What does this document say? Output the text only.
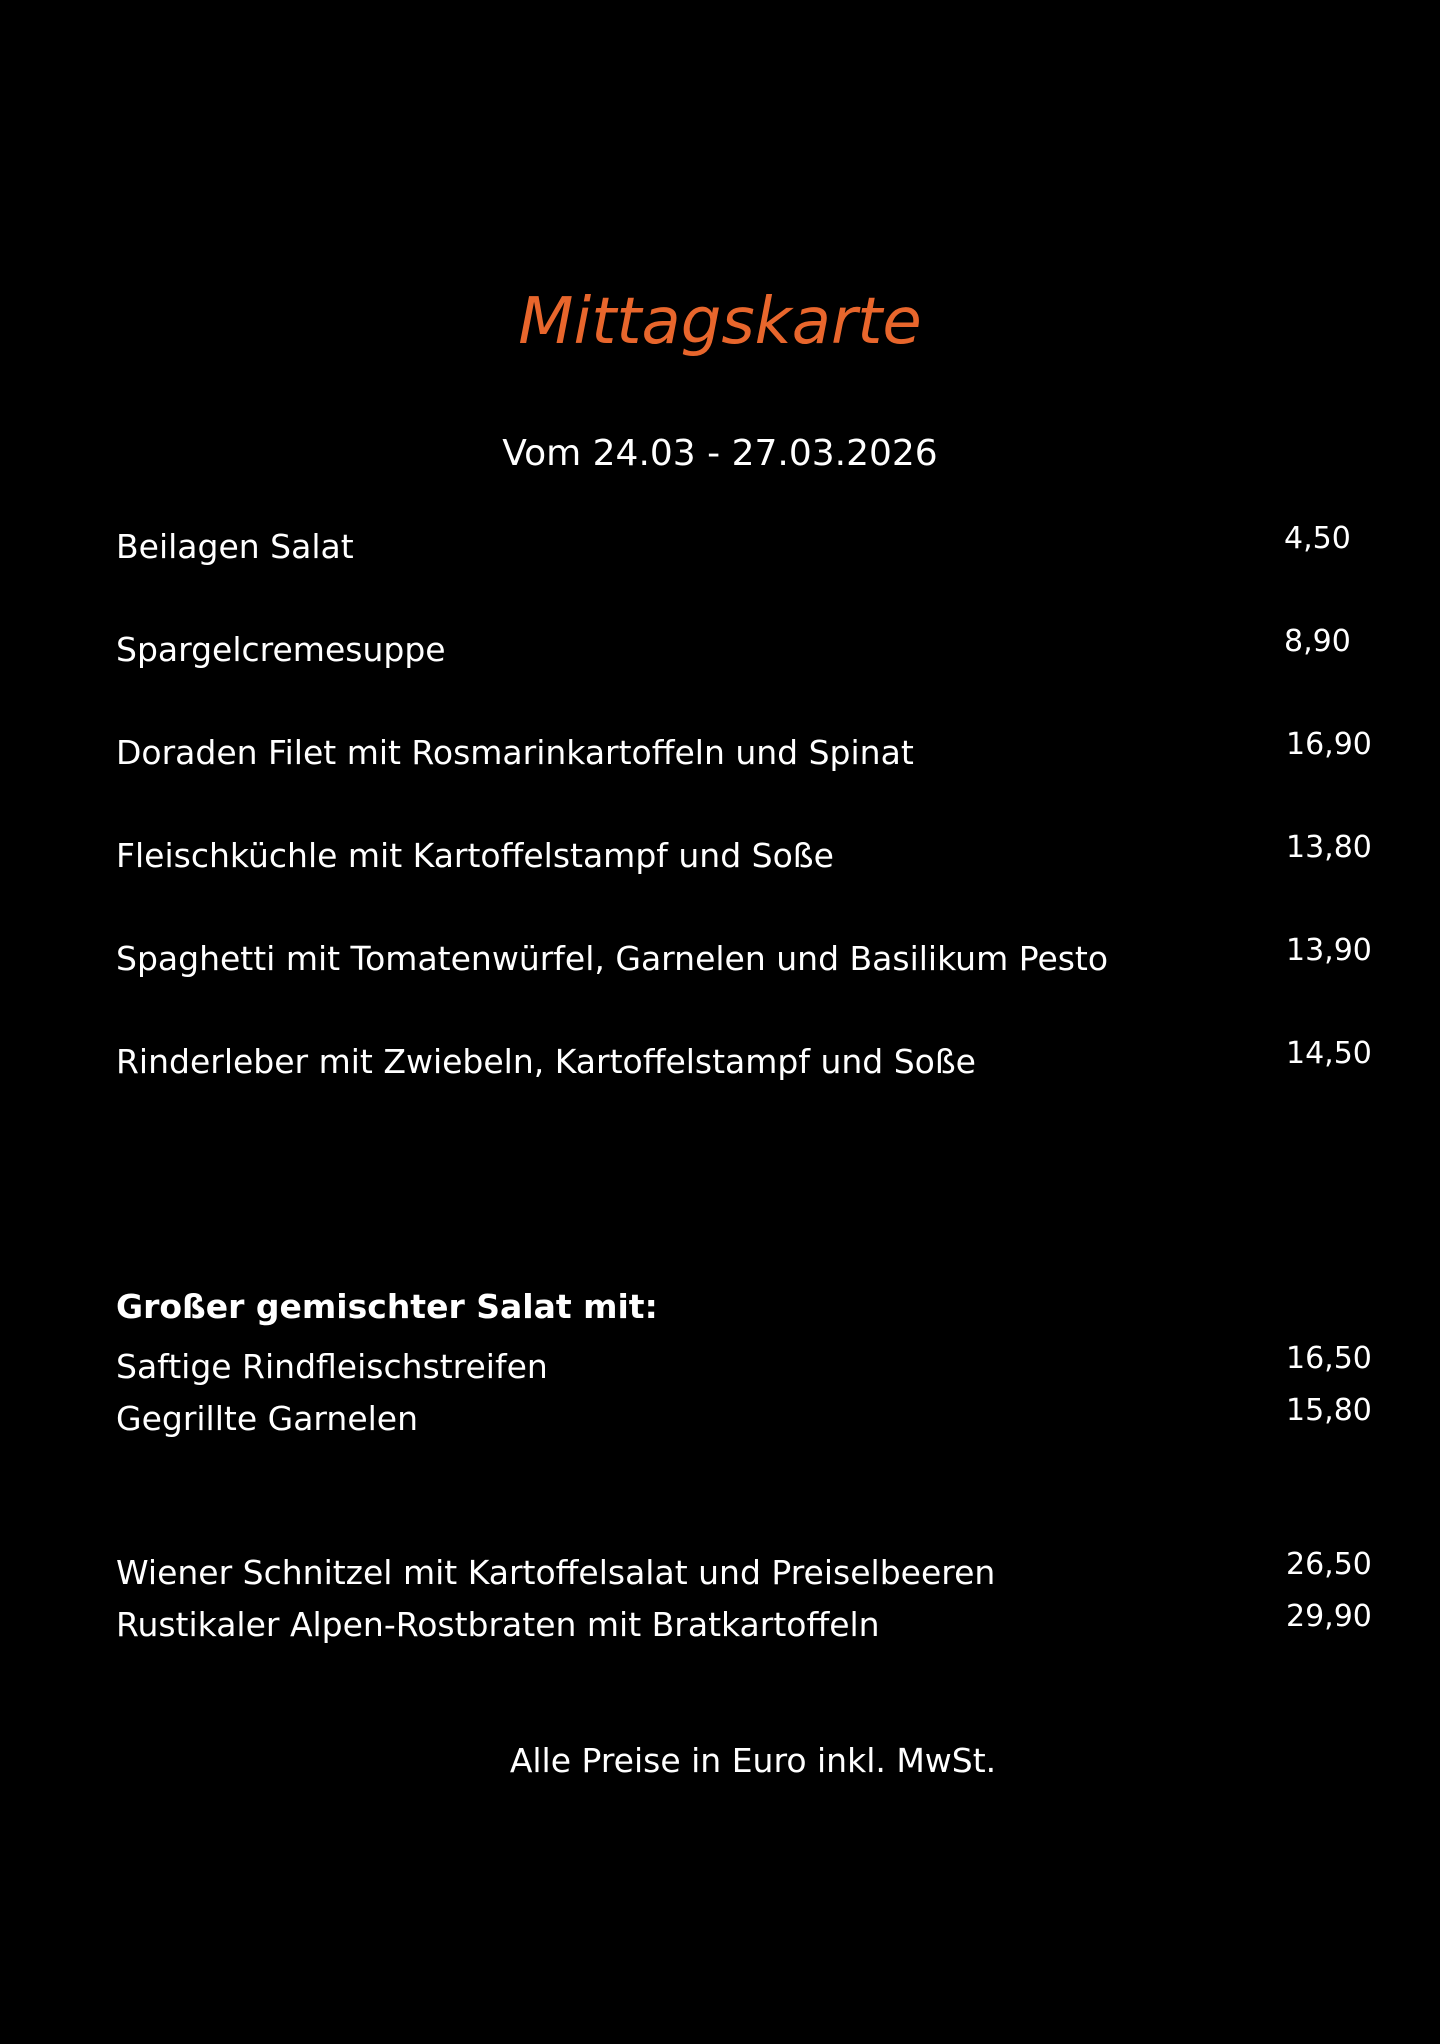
Mittagskarte
Vom 24.03 - 27.03.2026
Beilagen Salat	4,50
Spargelcremesuppe	8,90
Doraden Filet mit Rosmarinkartoffeln und Spinat	16,90
Fleischküchle mit Kartoffelstampf und Soße	13,80
Spaghetti mit Tomatenwürfel, Garnelen und Basilikum Pesto	13,90
Rinderleber mit Zwiebeln, Kartoffelstampf und Soße	14,50
Großer gemischter Salat mit:
Saftige Rindfleischstreifen	16,50
Gegrillte Garnelen	15,80
Wiener Schnitzel mit Kartoffelsalat und Preiselbeeren	26,50
Rustikaler Alpen-Rostbraten mit Bratkartoffeln	29,90
Alle Preise in Euro inkl. MwSt.
